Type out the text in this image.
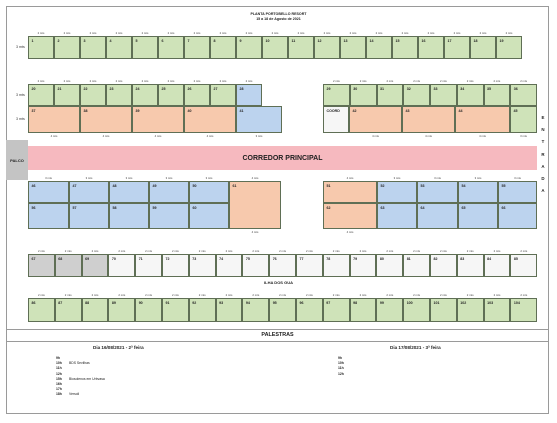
PLANTA PORTOBELLO RESORT
15 a 18 de Agosto de 2021
1
2 mts
2
2 mts
3
2 mts
4
2 mts
5
2 mts
6
2 mts
7
2 mts
8
2 mts
9
2 mts
10
2 mts
11
2 mts
12
2 mts
13
2 mts
14
2 mts
15
2 mts
16
2 mts
17
2 mts
18
2 mts
19
2 mts
3 mts
20
2 mts
21
2 mts
22
2 mts
23
2 mts
24
2 mts
25
2 mts
26
2 mts
27
2 mts
28
2 mts
29
2 mts
30
2 mts
31
2 mts
32
2 mts
33
2 mts
34
2 mts
35
2 mts
36
2 mts
3 mts
37
4 mts
38
4 mts
39
4 mts
40
4 mts
41
3 mts
3 mts
COORD	42
4 mts
43
4 mts
44
4 mts
45
3 mts
46
3 mts
47
3 mts
48
3 mts
49
3 mts
50
3 mts
61
4 mts
56	57	58	59	60
4 mts
51
4 mts
52
3 mts
53
3 mts
54
3 mts
55
3 mts
62
4 mts
63	64	65	66
67
2 mts
68
2 mts
69
2 mts
70
2 mts
71
2 mts
72
2 mts
73
2 mts
74
2 mts
75
2 mts
76
2 mts
77
2 mts
78
2 mts
79
2 mts
80
2 mts
81
2 mts
82
2 mts
83
2 mts
84
2 mts
85
2 mts
86
2 mts
87
2 mts
88
2 mts
89
2 mts
90
2 mts
91
2 mts
92
2 mts
93
2 mts
94
2 mts
95
2 mts
96
2 mts
97
2 mts
98
2 mts
99
2 mts
100
2 mts
101
2 mts
102
2 mts
103
2 mts
104
2 mts
CORREDOR PRINCIPAL
PALCO
E
N
T
R
A
D
A
ILHA DOS GUA
PALESTRAS
Dia 16/08/2021 - 2ª feira	Dia 17/08/2021 - 3ª feira
9h
10h	BDS Sevilhas
11h
12h
15h	Biosolenos em Urbvasa
16h
17h
18h	Versoli
9h
10h
11h
12h
